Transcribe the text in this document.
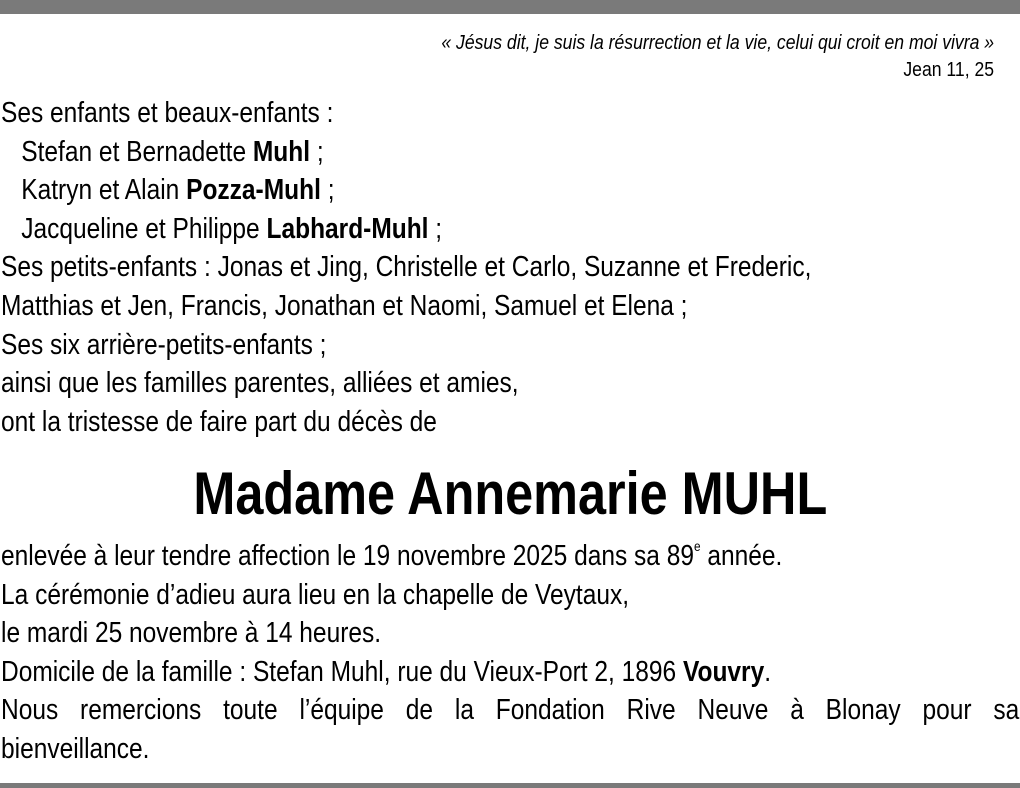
« Jésus dit, je suis la résurrection et la vie, celui qui croit en moi vivra »
Jean 11, 25
Ses enfants et beaux-enfants :
Stefan et Bernadette Muhl ;
Katryn et Alain Pozza-Muhl ;
Jacqueline et Philippe Labhard-Muhl ;
Ses petits-enfants : Jonas et Jing, Christelle et Carlo, Suzanne et Frederic,
Matthias et Jen, Francis, Jonathan et Naomi, Samuel et Elena ;
Ses six arrière-petits-enfants ;
ainsi que les familles parentes, alliées et amies,
ont la tristesse de faire part du décès de
Madame Annemarie MUHL
enlevée à leur tendre affection le 19 novembre 2025 dans sa 89e année.
La cérémonie d’adieu aura lieu en la chapelle de Veytaux,
le mardi 25 novembre à 14 heures.
Domicile de la famille : Stefan Muhl, rue du Vieux-Port 2, 1896 Vouvry.
Nous remercions toute l’équipe de la Fondation Rive Neuve à Blonay pour sa
bienveillance.
